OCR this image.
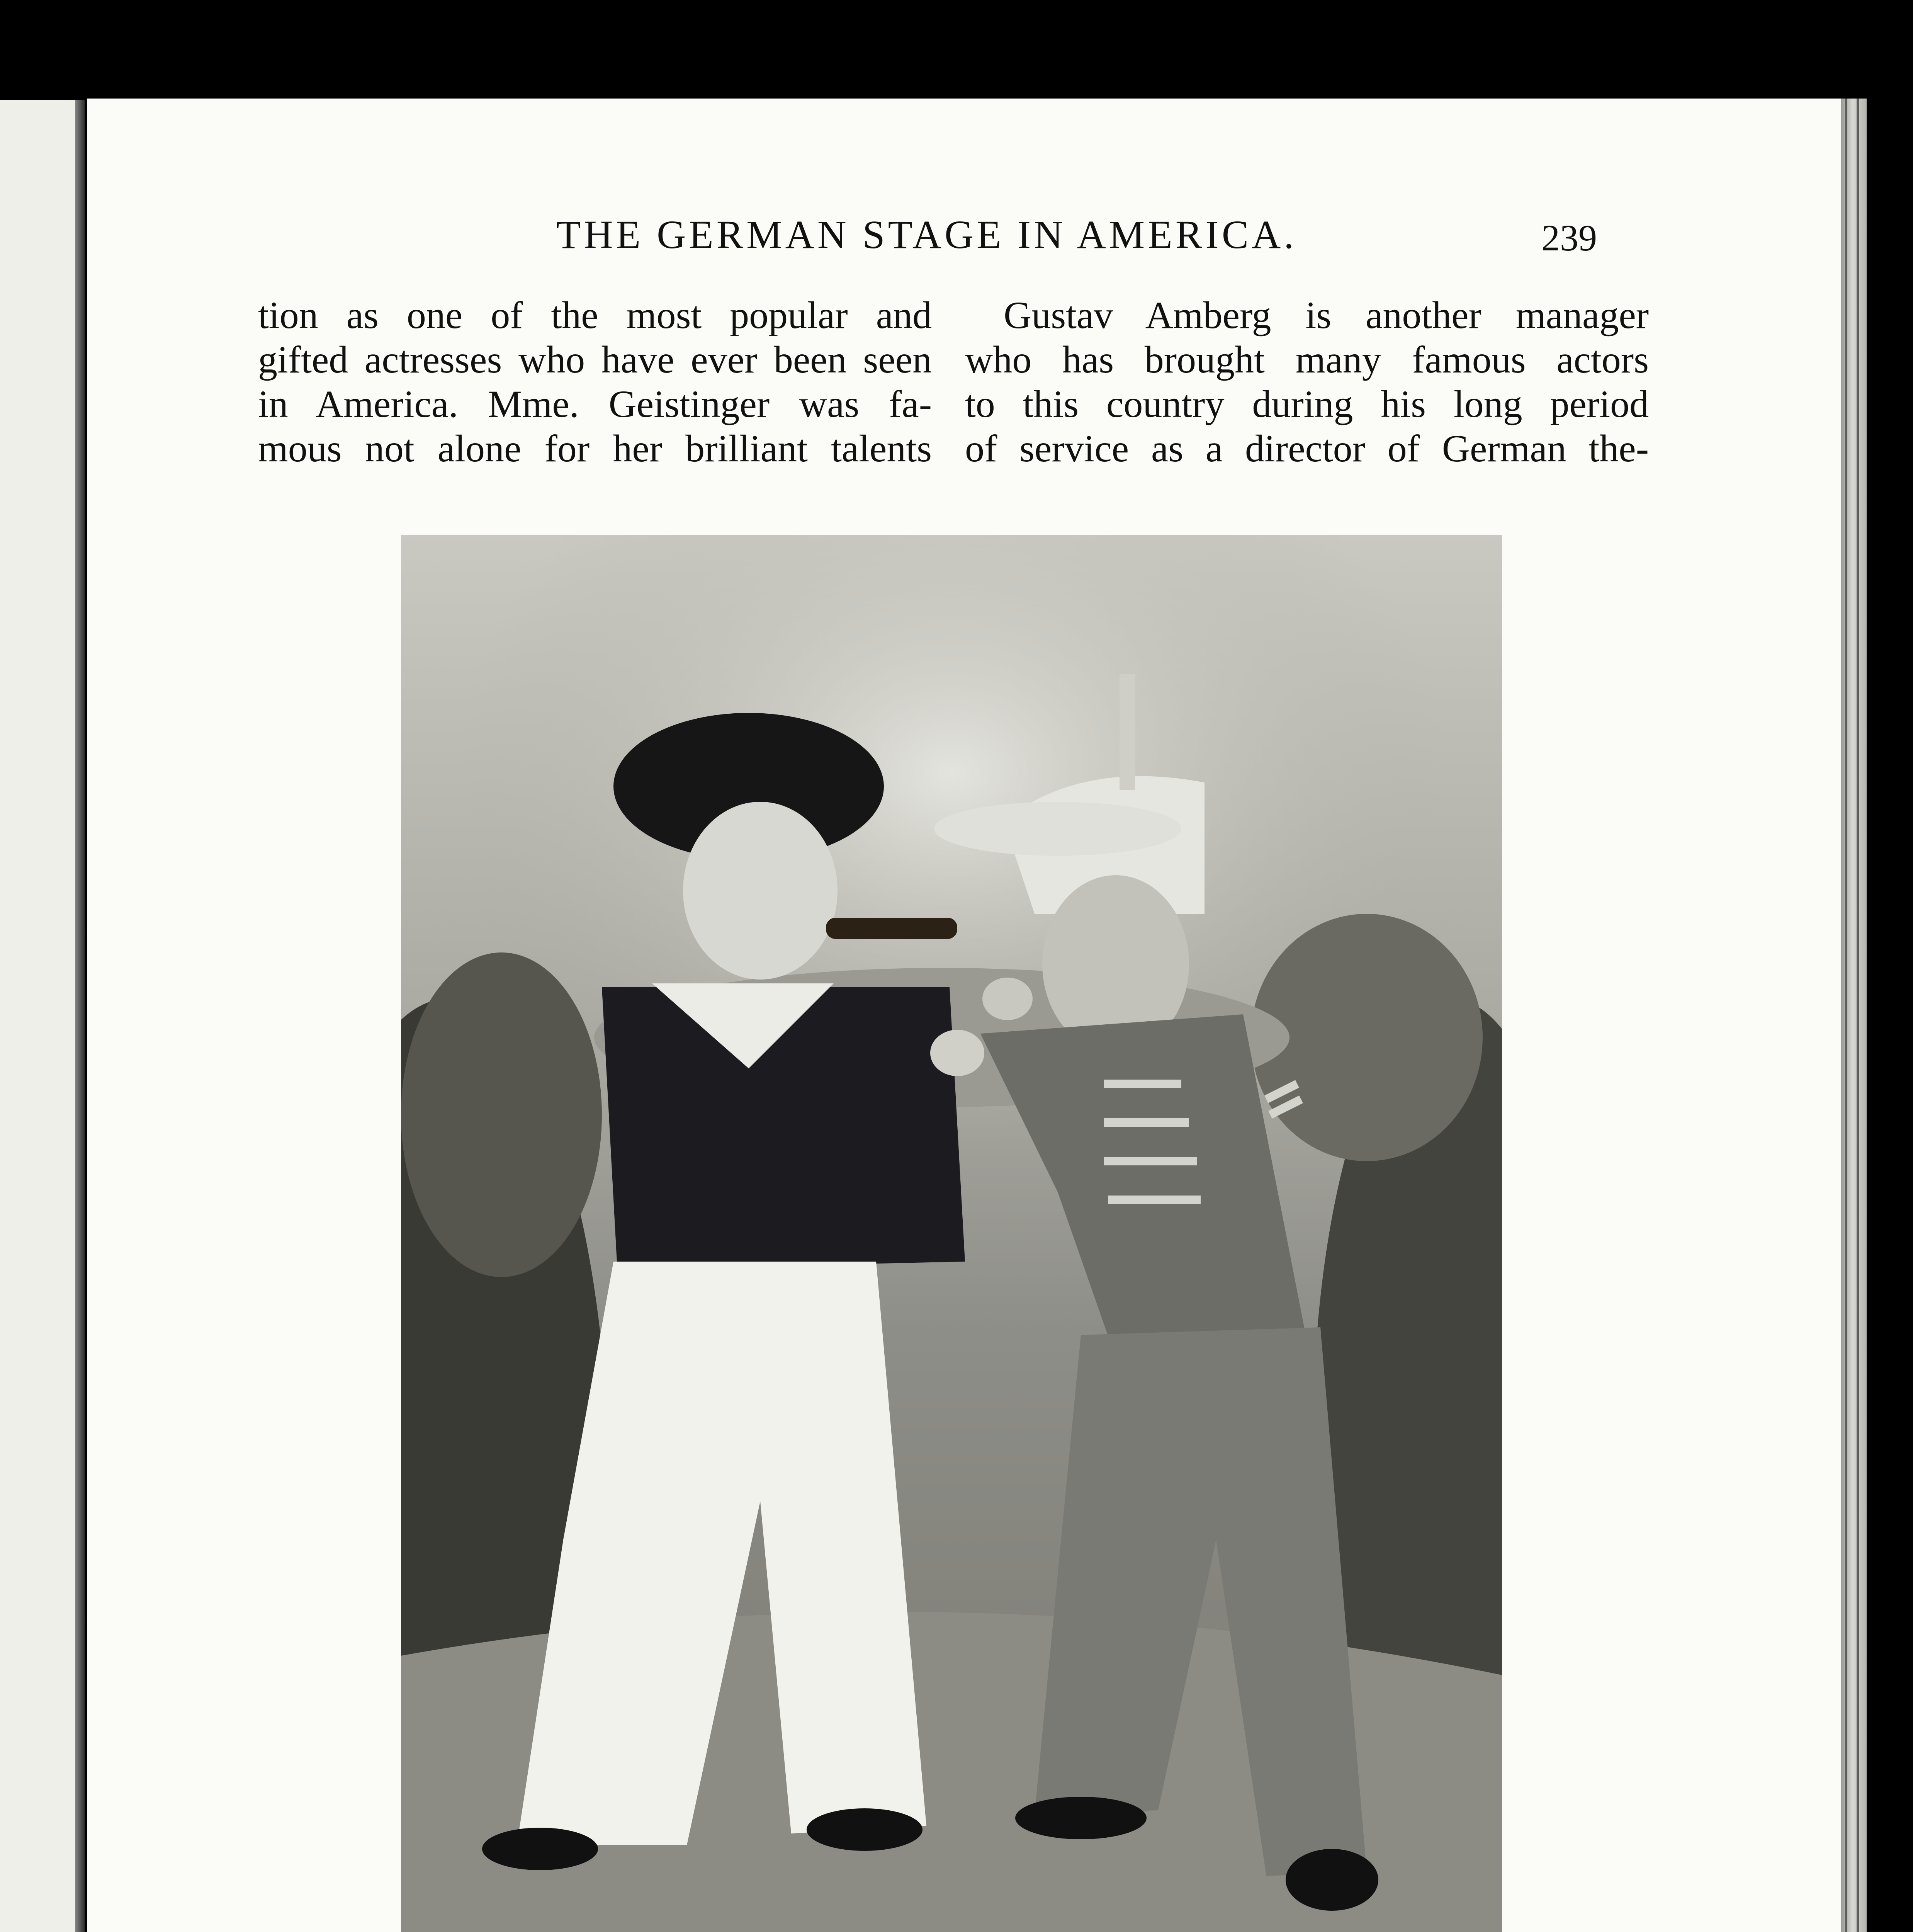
THE GERMAN STAGE IN AMERICA.	239
tion as one of the most popular and
gifted actresses who have ever been seen
in America. Mme. Geistinger was fa-
mous not alone for her brilliant talents
Gustav Amberg is another manager
who has brought many famous actors
to this country during his long period
of service as a director of German the-
